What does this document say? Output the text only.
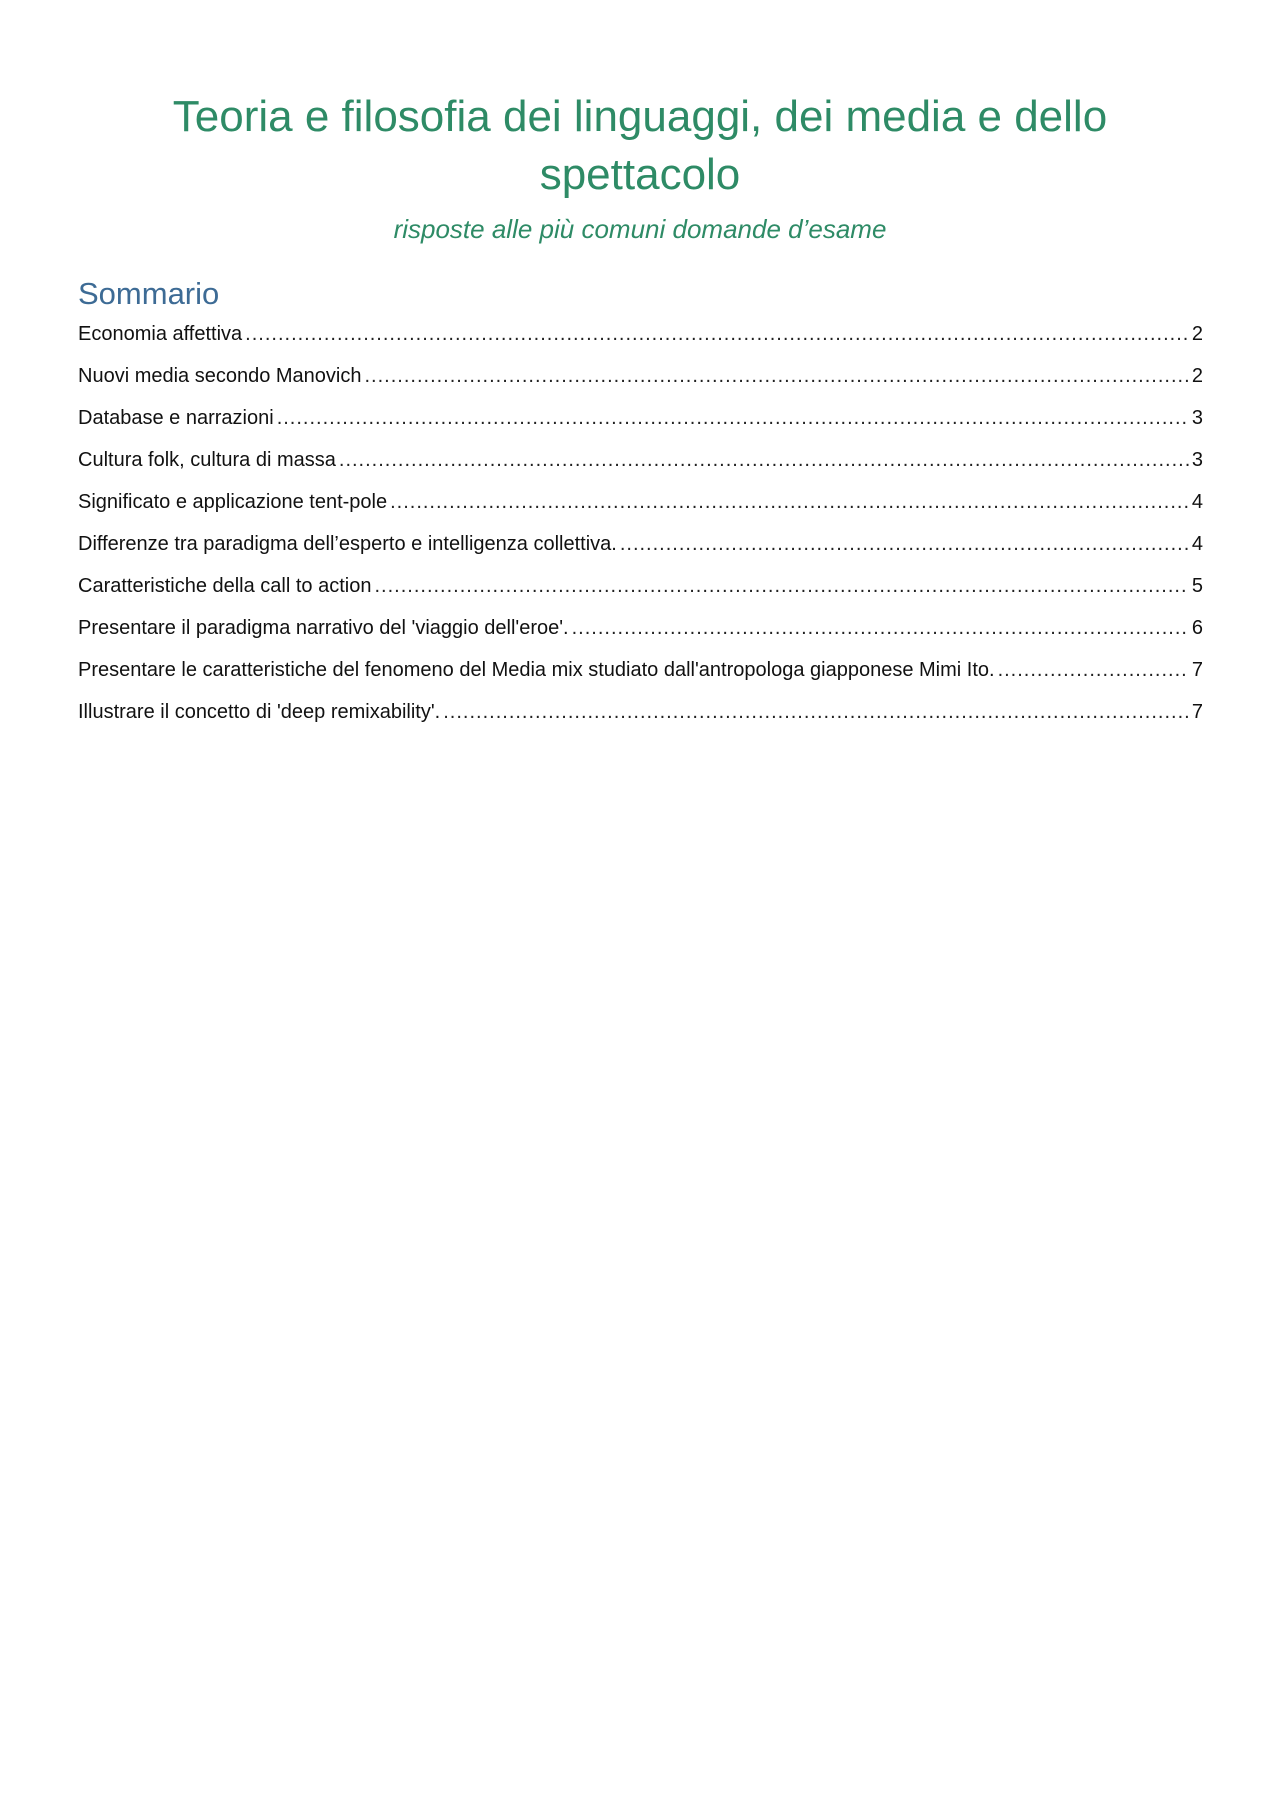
Teoria e filosofia dei linguaggi, dei media e dello spettacolo

risposte alle più comuni domande d’esame

Sommario
Economia affettiva .....	2
Nuovi media secondo Manovich .....	2
Database e narrazioni .....	3
Cultura folk, cultura di massa .....	3
Significato e applicazione tent-pole .....	4
Differenze tra paradigma dell’esperto e intelligenza collettiva. .....	4
Caratteristiche della call to action .....	5
Presentare il paradigma narrativo del 'viaggio dell'eroe'. .....	6
Presentare le caratteristiche del fenomeno del Media mix studiato dall'antropologa giapponese Mimi Ito. .....	7
Illustrare il concetto di 'deep remixability'. .....	7
